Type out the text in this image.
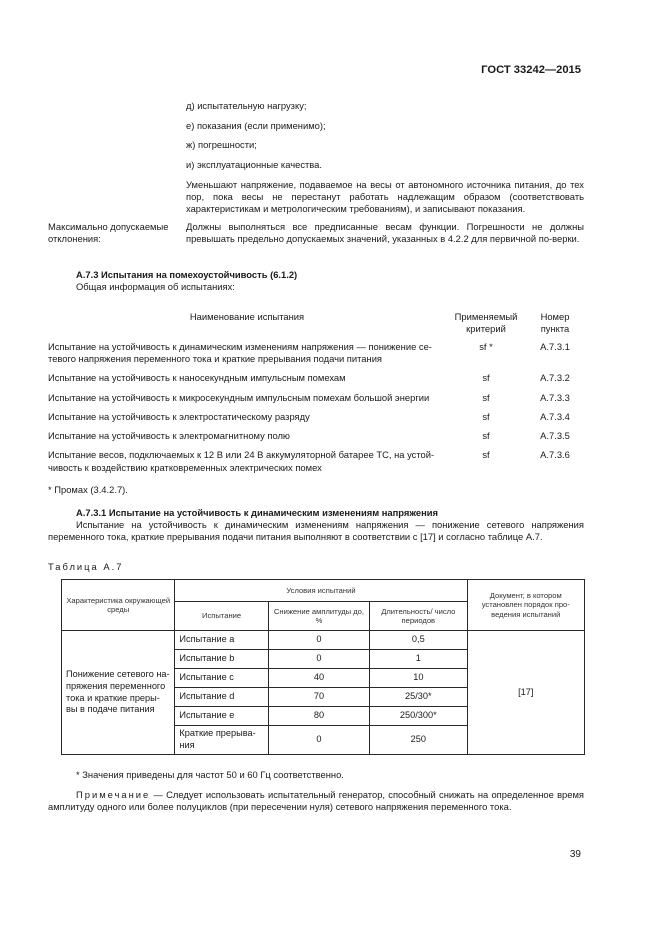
ГОСТ 33242—2015
д) испытательную нагрузку;
е) показания (если применимо);
ж) погрешности;
и) эксплуатационные качества.
Уменьшают напряжение, подаваемое на весы от автономного источника питания, до тех пор, пока весы не перестанут работать надлежащим образом (соответствовать характеристикам и метрологическим требованиям), и записывают показания.
Максимально допускаемые отклонения:
Должны выполняться все предписанные весам функции. Погрешности не должны превышать предельно допускаемых значений, указанных в 4.2.2 для первичной по-верки.
А.7.3 Испытания на помехоустойчивость (6.1.2)
Общая информация об испытаниях:
Наименование испытания	Применяемый критерий	Номер пункта
Испытание на устойчивость к динамическим изменениям напряжения — понижение се-тевого напряжения переменного тока и краткие прерывания подачи питания	sf *	A.7.3.1
Испытание на устойчивость к наносекундным импульсным помехам	sf	A.7.3.2
Испытание на устойчивость к микросекундным импульсным помехам большой энергии	sf	A.7.3.3
Испытание на устойчивость к электростатическому разряду	sf	A.7.3.4
Испытание на устойчивость к электромагнитному полю	sf	A.7.3.5
Испытание весов, подключаемых к 12 В или 24 В аккумуляторной батарее ТС, на устой-чивость к воздействию кратковременных электрических помех	sf	A.7.3.6
* Промах (3.4.2.7).
А.7.3.1 Испытание на устойчивость к динамическим изменениям напряжения
Испытание на устойчивость к динамическим изменениям напряжения — понижение сетевого напряжения переменного тока, краткие прерывания подачи питания выполняют в соответствии с [17] и согласно таблице А.7.
Таблица А.7
Характеристика окружающей среды	Условия испытаний			Документ, в котором установлен порядок про-ведения испытаний
	Испытание	Снижение амплитуды до, %	Длительность/ число периодов	
Понижение сетевого на-пряжения переменного тока и краткие преры-вы в подаче питания	Испытание a	0	0,5	[17]
	Испытание b	0	1	
	Испытание c	40	10	
	Испытание d	70	25/30*	
	Испытание e	80	250/300*	
	Краткие прерыва-ния	0	250	
* Значения приведены для частот 50 и 60 Гц соответственно.
Примечание — Следует использовать испытательный генератор, способный снижать на определенное время амплитуду одного или более полуциклов (при пересечении нуля) сетевого напряжения переменного тока.
39
